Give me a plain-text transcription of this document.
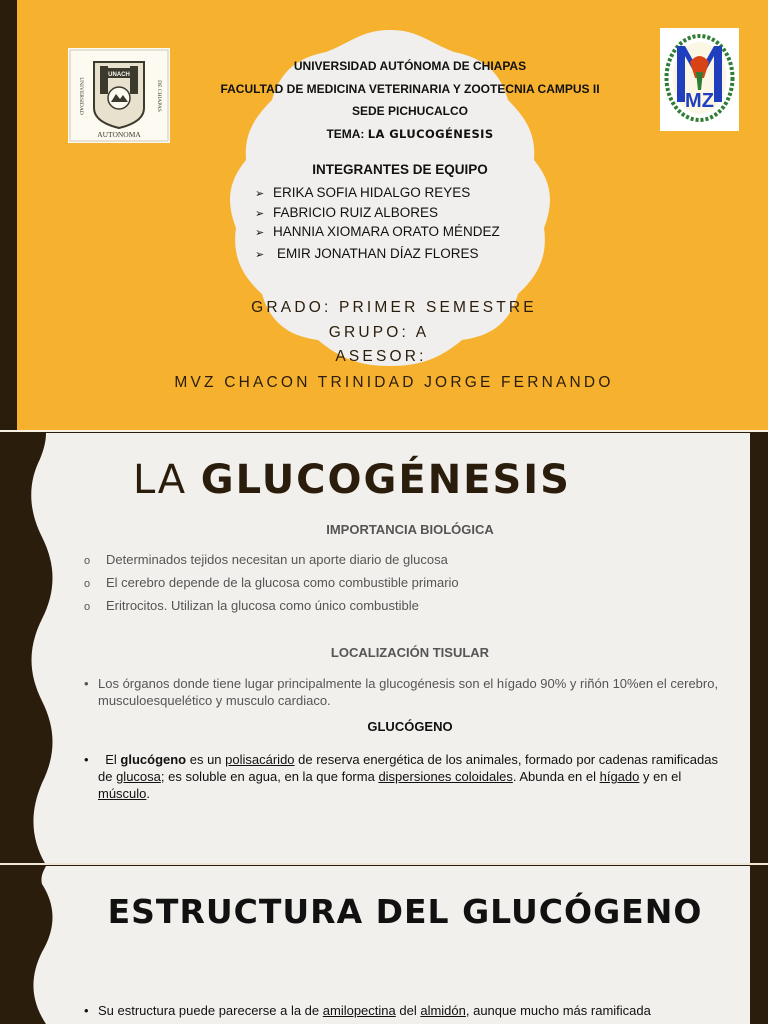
UNACH
AUTONOMA
UNIVERSIDAD	DE CHIAPAS	MZ
UNIVERSIDAD AUTÓNOMA DE CHIAPAS
FACULTAD DE MEDICINA VETERINARIA Y ZOOTECNIA CAMPUS II
SEDE PICHUCALCO
TEMA: LA GLUCOGÉNESIS
INTEGRANTES DE EQUIPO
➢ ERIKA SOFIA HIDALGO REYES
➢ FABRICIO RUIZ ALBORES
➢ HANNIA XIOMARA ORATO MÉNDEZ
➢ EMIR JONATHAN DÍAZ FLORES
GRADO: PRIMER SEMESTRE
GRUPO: A
ASESOR:
MVZ CHACON TRINIDAD JORGE FERNANDO
LA GLUCOGÉNESIS
IMPORTANCIA BIOLÓGICA
o Determinados tejidos necesitan un aporte diario de glucosa
o El cerebro depende de la glucosa como combustible primario
o Eritrocitos. Utilizan la glucosa como único combustible
LOCALIZACIÓN TISULAR
• Los órganos donde tiene lugar principalmente la glucogénesis son el hígado 90% y riñón 10%en el cerebro, musculoesquelético y musculo cardiaco.
GLUCÓGENO
•	El glucógeno es un polisacárido de reserva energética de los animales, formado por cadenas ramificadas de glucosa; es soluble en agua, en la que forma dispersiones coloidales. Abunda en el hígado y en el músculo.
ESTRUCTURA DEL GLUCÓGENO
• Su estructura puede parecerse a la de amilopectina del almidón, aunque mucho más ramificada
